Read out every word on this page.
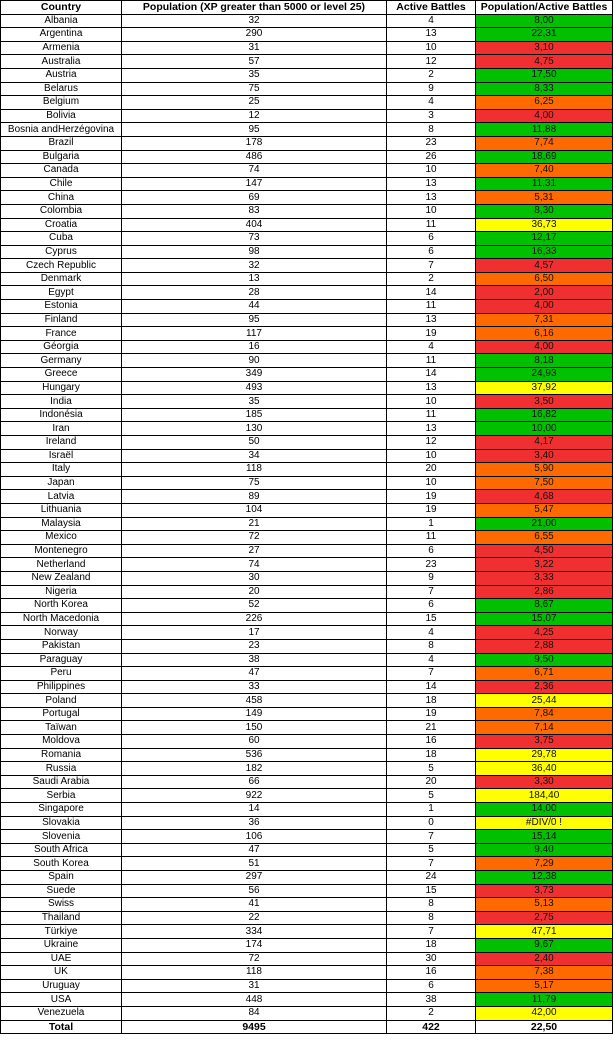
Country	Population (XP greater than 5000 or level 25)	Active Battles	Population/Active Battles
Albania	32	4	8,00
Argentina	290	13	22,31
Armenia	31	10	3,10
Australia	57	12	4,75
Austria	35	2	17,50
Belarus	75	9	8,33
Belgium	25	4	6,25
Bolivia	12	3	4,00
Bosnia andHerzégovina	95	8	11,88
Brazil	178	23	7,74
Bulgaria	486	26	18,69
Canada	74	10	7,40
Chile	147	13	11,31
China	69	13	5,31
Colombia	83	10	8,30
Croatia	404	11	36,73
Cuba	73	6	12,17
Cyprus	98	6	16,33
Czech Republic	32	7	4,57
Denmark	13	2	6,50
Egypt	28	14	2,00
Estonia	44	11	4,00
Finland	95	13	7,31
France	117	19	6,16
Géorgia	16	4	4,00
Germany	90	11	8,18
Greece	349	14	24,93
Hungary	493	13	37,92
India	35	10	3,50
Indonésia	185	11	16,82
Iran	130	13	10,00
Ireland	50	12	4,17
Israël	34	10	3,40
Italy	118	20	5,90
Japan	75	10	7,50
Latvia	89	19	4,68
Lithuania	104	19	5,47
Malaysia	21	1	21,00
Mexico	72	11	6,55
Montenegro	27	6	4,50
Netherland	74	23	3,22
New Zealand	30	9	3,33
Nigeria	20	7	2,86
North Korea	52	6	8,67
North Macedonia	226	15	15,07
Norway	17	4	4,25
Pakistan	23	8	2,88
Paraguay	38	4	9,50
Peru	47	7	6,71
Philippines	33	14	2,36
Poland	458	18	25,44
Portugal	149	19	7,84
Taïwan	150	21	7,14
Moldova	60	16	3,75
Romania	536	18	29,78
Russia	182	5	36,40
Saudi Arabia	66	20	3,30
Serbia	922	5	184,40
Singapore	14	1	14,00
Slovakia	36	0	#DIV/0 !
Slovenia	106	7	15,14
South Africa	47	5	9,40
South Korea	51	7	7,29
Spain	297	24	12,38
Suede	56	15	3,73
Swiss	41	8	5,13
Thailand	22	8	2,75
Türkiye	334	7	47,71
Ukraine	174	18	9,67
UAE	72	30	2,40
UK	118	16	7,38
Uruguay	31	6	5,17
USA	448	38	11,79
Venezuela	84	2	42,00
Total	9495	422	22,50
